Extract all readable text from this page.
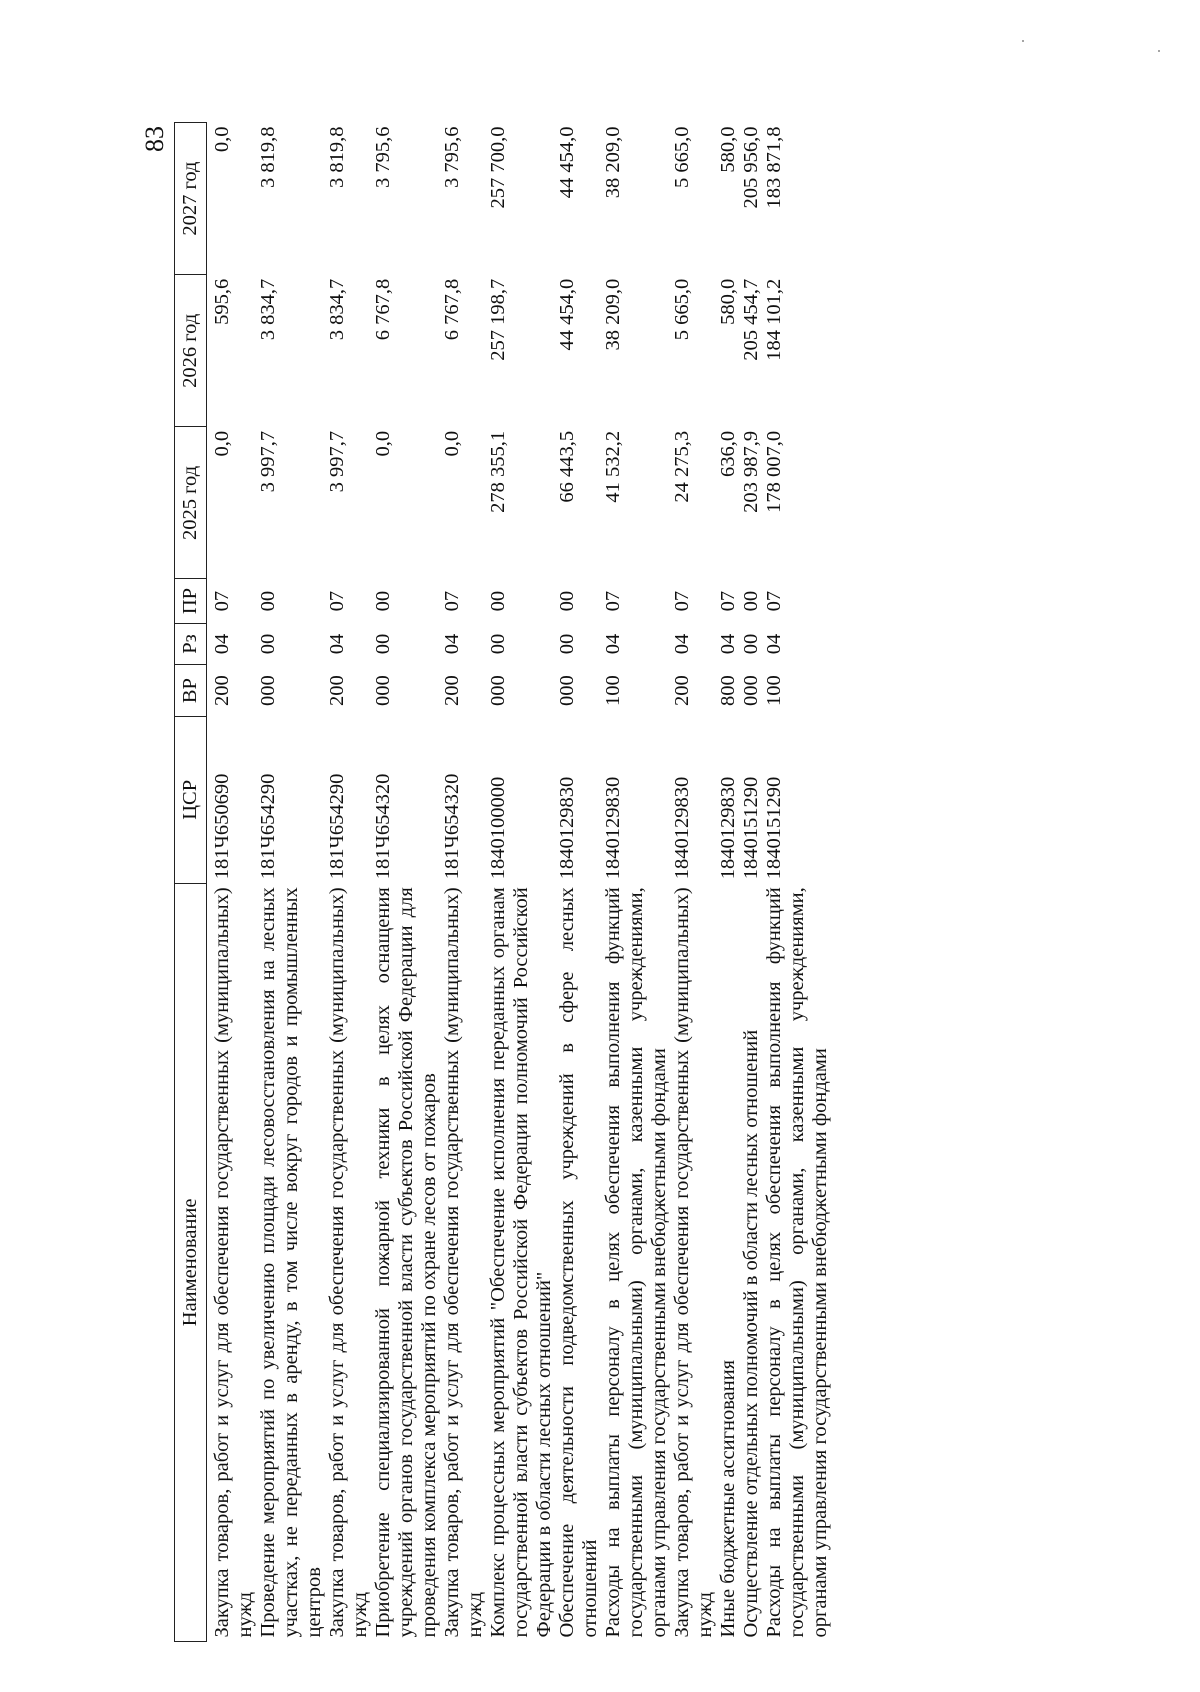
83
Наименование	ЦСР	ВР	Рз	ПР	2025 год	2026 год	2027 год

Закупка товаров, работ и услуг для обеспечения государственных (муниципальных) нужд	181Ч650690	200	04	07	0,0	595,6	0,0
Проведение мероприятий по увеличению площади лесовосстановления на лесных участках, не переданных в аренду, в том числе вокруг городов и промышленных центров	181Ч654290	000	00	00	3 997,7	3 834,7	3 819,8
Закупка товаров, работ и услуг для обеспечения государственных (муниципальных) нужд	181Ч654290	200	04	07	3 997,7	3 834,7	3 819,8
Приобретение специализированной пожарной техники в целях оснащения учреждений органов государственной власти субъектов Российской Федерации для проведения комплекса мероприятий по охране лесов от пожаров	181Ч654320	000	00	00	0,0	6 767,8	3 795,6
Закупка товаров, работ и услуг для обеспечения государственных (муниципальных) нужд	181Ч654320	200	04	07	0,0	6 767,8	3 795,6
Комплекс процессных мероприятий "Обеспечение исполнения переданных органам государственной власти субъектов Российской Федерации полномочий Российской Федерации в области лесных отношений"	1840100000	000	00	00	278 355,1	257 198,7	257 700,0
Обеспечение деятельности подведомственных учреждений в сфере лесных отношений	1840129830	000	00	00	66 443,5	44 454,0	44 454,0
Расходы на выплаты персоналу в целях обеспечения выполнения функций государственными (муниципальными) органами, казенными учреждениями, органами управления государственными внебюджетными фондами	1840129830	100	04	07	41 532,2	38 209,0	38 209,0
Закупка товаров, работ и услуг для обеспечения государственных (муниципальных) нужд	1840129830	200	04	07	24 275,3	5 665,0	5 665,0
Иные бюджетные ассигнования	1840129830	800	04	07	636,0	580,0	580,0
Осуществление отдельных полномочий в области лесных отношений	1840151290	000	00	00	203 987,9	205 454,7	205 956,0
Расходы на выплаты персоналу в целях обеспечения выполнения функций государственными (муниципальными) органами, казенными учреждениями, органами управления государственными внебюджетными фондами	1840151290	100	04	07	178 007,0	184 101,2	183 871,8
